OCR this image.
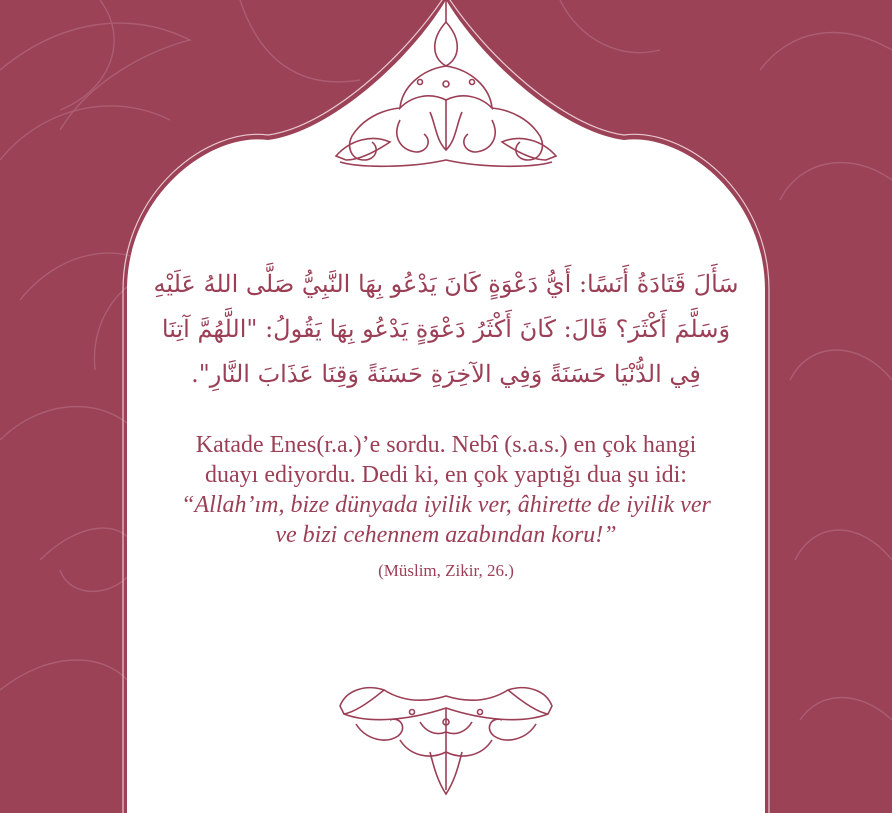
سَأَلَ قَتَادَةُ أَنَسًا: أَيُّ دَعْوَةٍ كَانَ يَدْعُو بِهَا النَّبِيُّ صَلَّى اللهُ عَلَيْهِ وَسَلَّمَ أَكْثَرَ؟ قَالَ: كَانَ أَكْثَرُ دَعْوَةٍ يَدْعُو بِهَا يَقُولُ: "اللَّهُمَّ آتِنَا فِي الدُّنْيَا حَسَنَةً وَفِي الآخِرَةِ حَسَنَةً وَقِنَا عَذَابَ النَّارِ".
Katade Enes(r.a.)’e sordu. Nebî (s.a.s.) en çok hangi duayı ediyordu. Dedi ki, en çok yaptığı dua şu idi: “Allah’ım, bize dünyada iyilik ver, âhirette de iyilik ver ve bizi cehennem azabından koru!”
(Müslim, Zikir, 26.)
